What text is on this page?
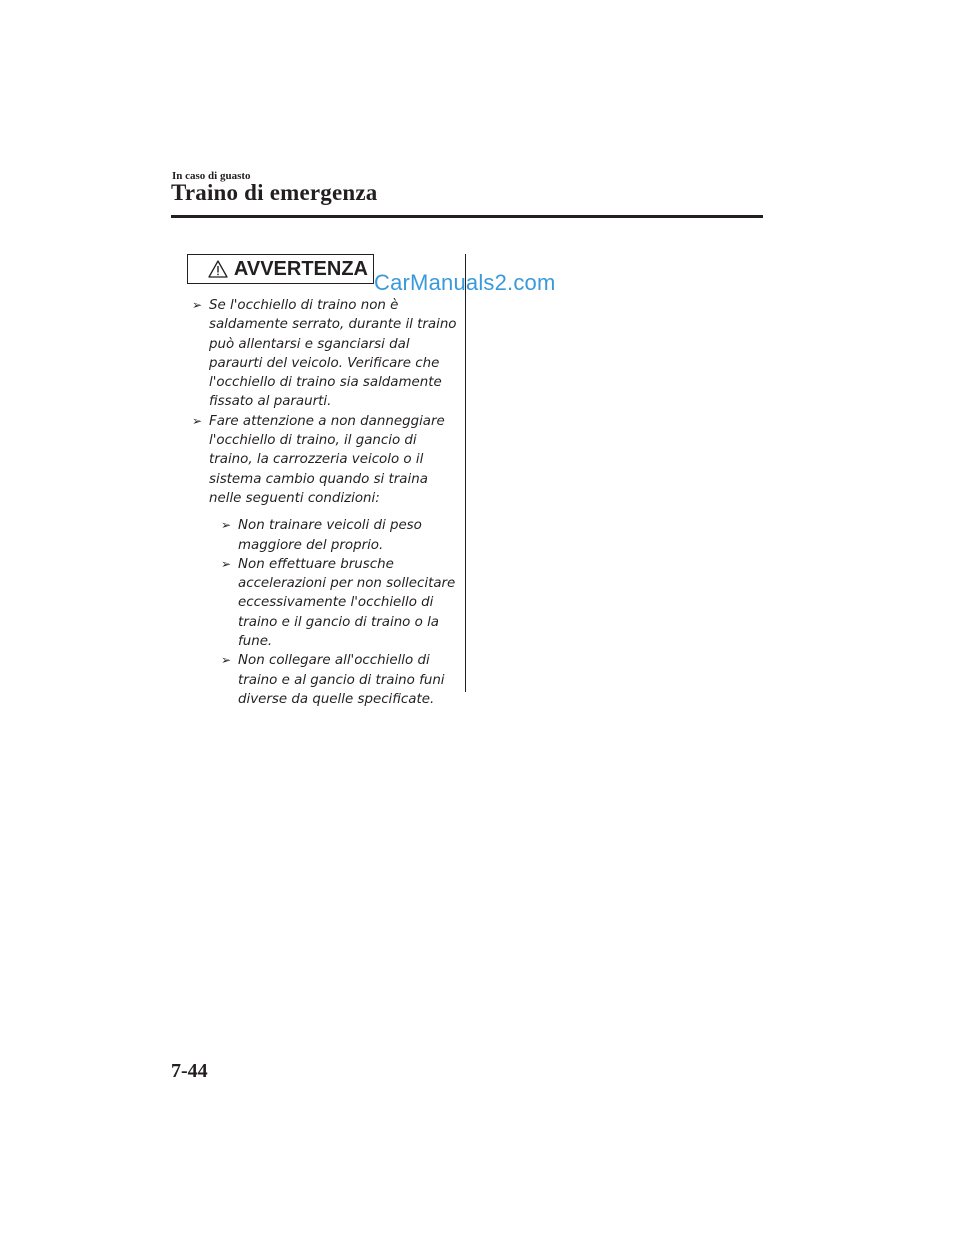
In caso di guasto
Traino di emergenza
AVVERTENZA
CarManuals2.com
➢ Se l'occhiello di traino non è saldamente serrato, durante il traino può allentarsi e sganciarsi dal paraurti del veicolo. Verificare che l'occhiello di traino sia saldamente fissato al paraurti.
➢ Fare attenzione a non danneggiare l'occhiello di traino, il gancio di traino, la carrozzeria veicolo o il sistema cambio quando si traina nelle seguenti condizioni:
➢ Non trainare veicoli di peso maggiore del proprio.
➢ Non effettuare brusche accelerazioni per non sollecitare eccessivamente l'occhiello di traino e il gancio di traino o la fune.
➢ Non collegare all'occhiello di traino e al gancio di traino funi diverse da quelle specificate.
7-44
